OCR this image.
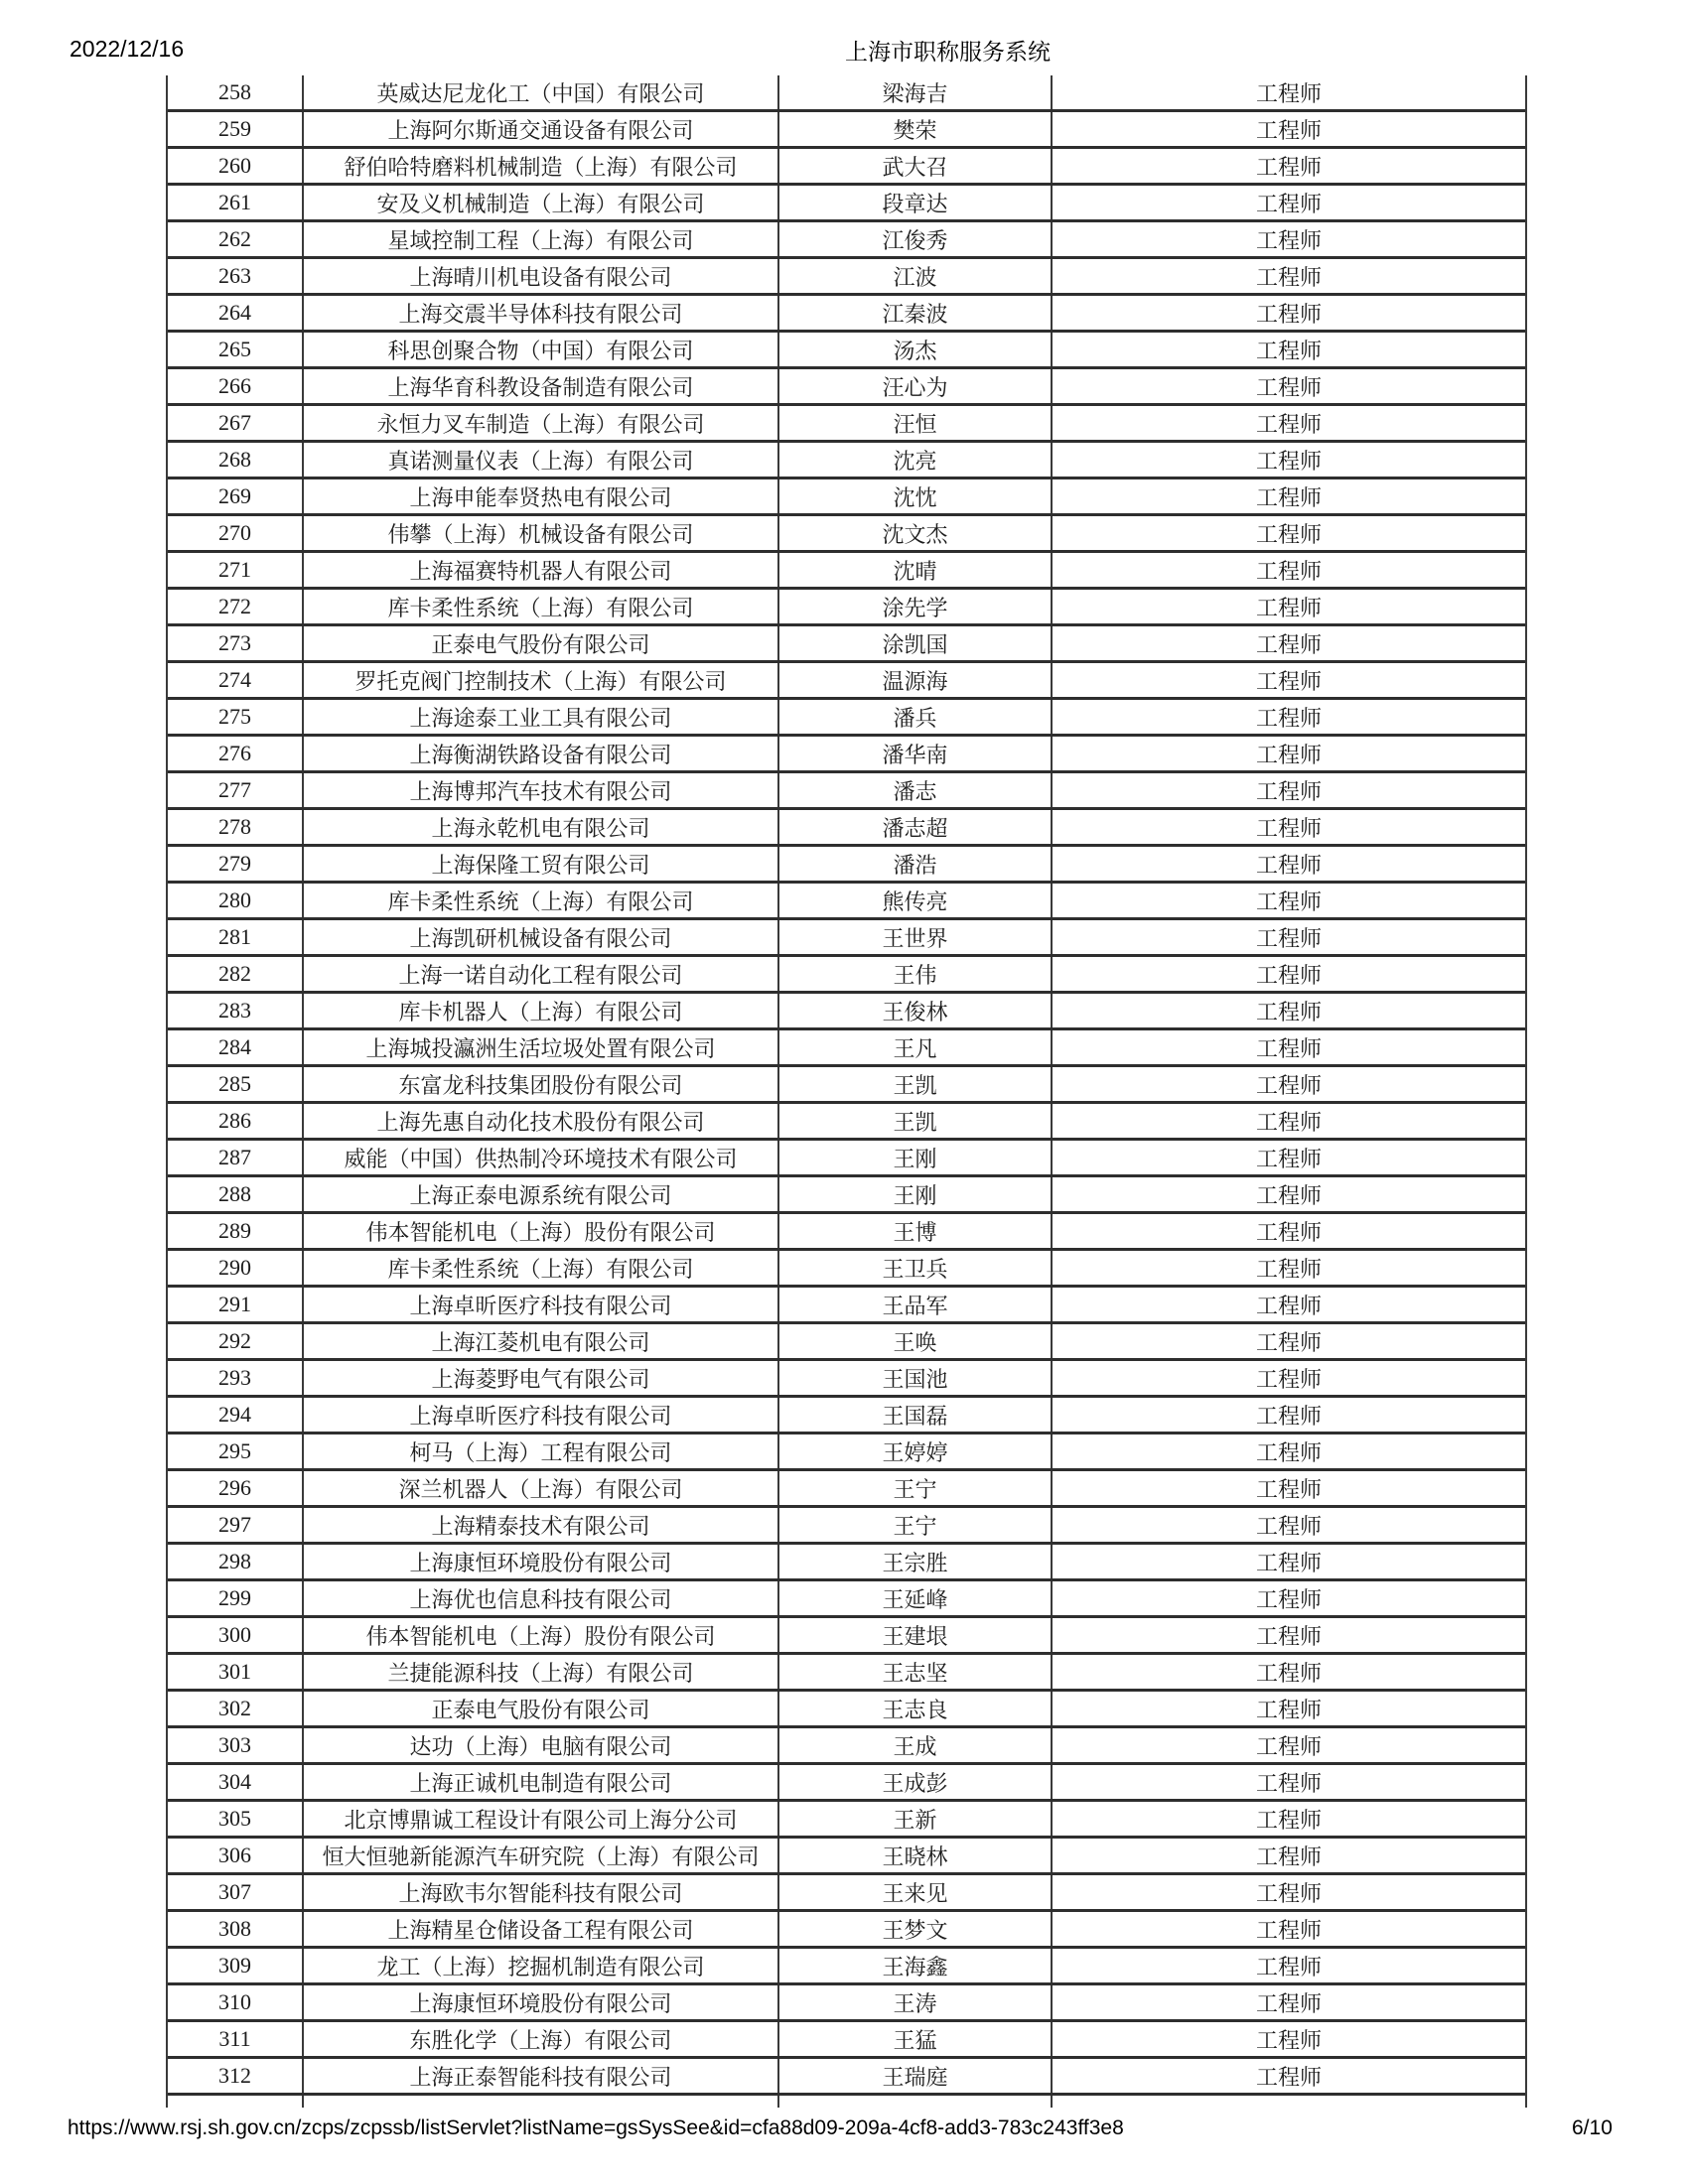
2022/12/16	上海市职称服务系统
258	英威达尼龙化工（中国）有限公司	梁海吉	工程师
259	上海阿尔斯通交通设备有限公司	樊荣	工程师
260	舒伯哈特磨料机械制造（上海）有限公司	武大召	工程师
261	安及义机械制造（上海）有限公司	段章达	工程师
262	星域控制工程（上海）有限公司	江俊秀	工程师
263	上海晴川机电设备有限公司	江波	工程师
264	上海交震半导体科技有限公司	江秦波	工程师
265	科思创聚合物（中国）有限公司	汤杰	工程师
266	上海华育科教设备制造有限公司	汪心为	工程师
267	永恒力叉车制造（上海）有限公司	汪恒	工程师
268	真诺测量仪表（上海）有限公司	沈亮	工程师
269	上海申能奉贤热电有限公司	沈忱	工程师
270	伟攀（上海）机械设备有限公司	沈文杰	工程师
271	上海福赛特机器人有限公司	沈晴	工程师
272	库卡柔性系统（上海）有限公司	涂先学	工程师
273	正泰电气股份有限公司	涂凯国	工程师
274	罗托克阀门控制技术（上海）有限公司	温源海	工程师
275	上海途泰工业工具有限公司	潘兵	工程师
276	上海衡湖铁路设备有限公司	潘华南	工程师
277	上海博邦汽车技术有限公司	潘志	工程师
278	上海永乾机电有限公司	潘志超	工程师
279	上海保隆工贸有限公司	潘浩	工程师
280	库卡柔性系统（上海）有限公司	熊传亮	工程师
281	上海凯研机械设备有限公司	王世界	工程师
282	上海一诺自动化工程有限公司	王伟	工程师
283	库卡机器人（上海）有限公司	王俊林	工程师
284	上海城投瀛洲生活垃圾处置有限公司	王凡	工程师
285	东富龙科技集团股份有限公司	王凯	工程师
286	上海先惠自动化技术股份有限公司	王凯	工程师
287	威能（中国）供热制冷环境技术有限公司	王刚	工程师
288	上海正泰电源系统有限公司	王刚	工程师
289	伟本智能机电（上海）股份有限公司	王博	工程师
290	库卡柔性系统（上海）有限公司	王卫兵	工程师
291	上海卓昕医疗科技有限公司	王品军	工程师
292	上海江菱机电有限公司	王唤	工程师
293	上海菱野电气有限公司	王国池	工程师
294	上海卓昕医疗科技有限公司	王国磊	工程师
295	柯马（上海）工程有限公司	王婷婷	工程师
296	深兰机器人（上海）有限公司	王宁	工程师
297	上海精泰技术有限公司	王宁	工程师
298	上海康恒环境股份有限公司	王宗胜	工程师
299	上海优也信息科技有限公司	王延峰	工程师
300	伟本智能机电（上海）股份有限公司	王建垠	工程师
301	兰捷能源科技（上海）有限公司	王志坚	工程师
302	正泰电气股份有限公司	王志良	工程师
303	达功（上海）电脑有限公司	王成	工程师
304	上海正诚机电制造有限公司	王成彭	工程师
305	北京博鼎诚工程设计有限公司上海分公司	王新	工程师
306	恒大恒驰新能源汽车研究院（上海）有限公司	王晓林	工程师
307	上海欧韦尔智能科技有限公司	王来见	工程师
308	上海精星仓储设备工程有限公司	王梦文	工程师
309	龙工（上海）挖掘机制造有限公司	王海鑫	工程师
310	上海康恒环境股份有限公司	王涛	工程师
311	东胜化学（上海）有限公司	王猛	工程师
312	上海正泰智能科技有限公司	王瑞庭	工程师
https://www.rsj.sh.gov.cn/zcps/zcpssb/listServlet?listName=gsSysSee&id=cfa88d09-209a-4cf8-add3-783c243ff3e8	6/10
